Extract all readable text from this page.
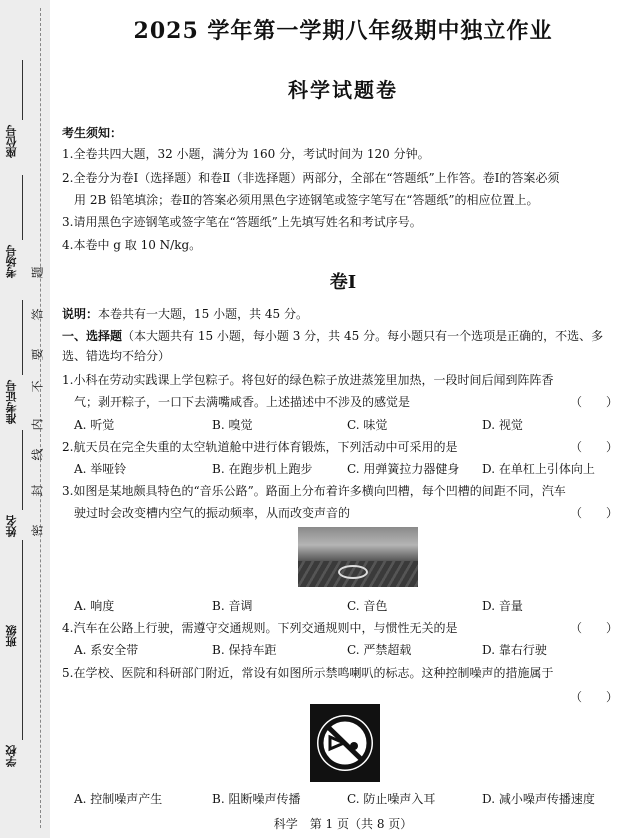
学校
班级
姓名
准考证号
考场号
座位号
密
封
线
内
不
要
答
题
2025 学年第一学期八年级期中独立作业
科学试题卷
考生须知：
1.全卷共四大题，32 小题，满分为 160 分，考试时间为 120 分钟。
2.全卷分为卷Ⅰ（选择题）和卷Ⅱ（非选择题）两部分，全部在“答题纸”上作答。卷Ⅰ的答案必须
用 2B 铅笔填涂；卷Ⅱ的答案必须用黑色字迹钢笔或签字笔写在“答题纸”的相应位置上。
3.请用黑色字迹钢笔或签字笔在“答题纸”上先填写姓名和考试序号。
4.本卷中 g 取 10 N/kg。
卷Ⅰ
说明：本卷共有一大题，15 小题，共 45 分。
一、选择题（本大题共有 15 小题，每小题 3 分，共 45 分。每小题只有一个选项是正确的，不选、多
选、错选均不给分）
1.小科在劳动实践课上学包粽子。将包好的绿色粽子放进蒸笼里加热，一段时间后闻到阵阵香
气；剥开粽子，一口下去满嘴咸香。上述描述中不涉及的感觉是	（　　）
A. 听觉	B. 嗅觉	C. 味觉	D. 视觉
2.航天员在完全失重的太空轨道舱中进行体育锻炼，下列活动中可采用的是	（　　）
A. 举哑铃	B. 在跑步机上跑步	C. 用弹簧拉力器健身 D. 在单杠上引体向上
3.如图是某地颇具特色的“音乐公路”。路面上分布着许多横向凹槽，每个凹槽的间距不同，汽车
驶过时会改变槽内空气的振动频率，从而改变声音的	（　　）
A. 响度	B. 音调	C. 音色	D. 音量
4.汽车在公路上行驶，需遵守交通规则。下列交通规则中，与惯性无关的是	（　　）
A. 系安全带	B. 保持车距	C. 严禁超载	D. 靠右行驶
5.在学校、医院和科研部门附近，常设有如图所示禁鸣喇叭的标志。这种控制噪声的措施属于
（　　）
A. 控制噪声产生	B. 阻断噪声传播	C. 防止噪声入耳	D. 减小噪声传播速度
科学　第 1 页（共 8 页）
